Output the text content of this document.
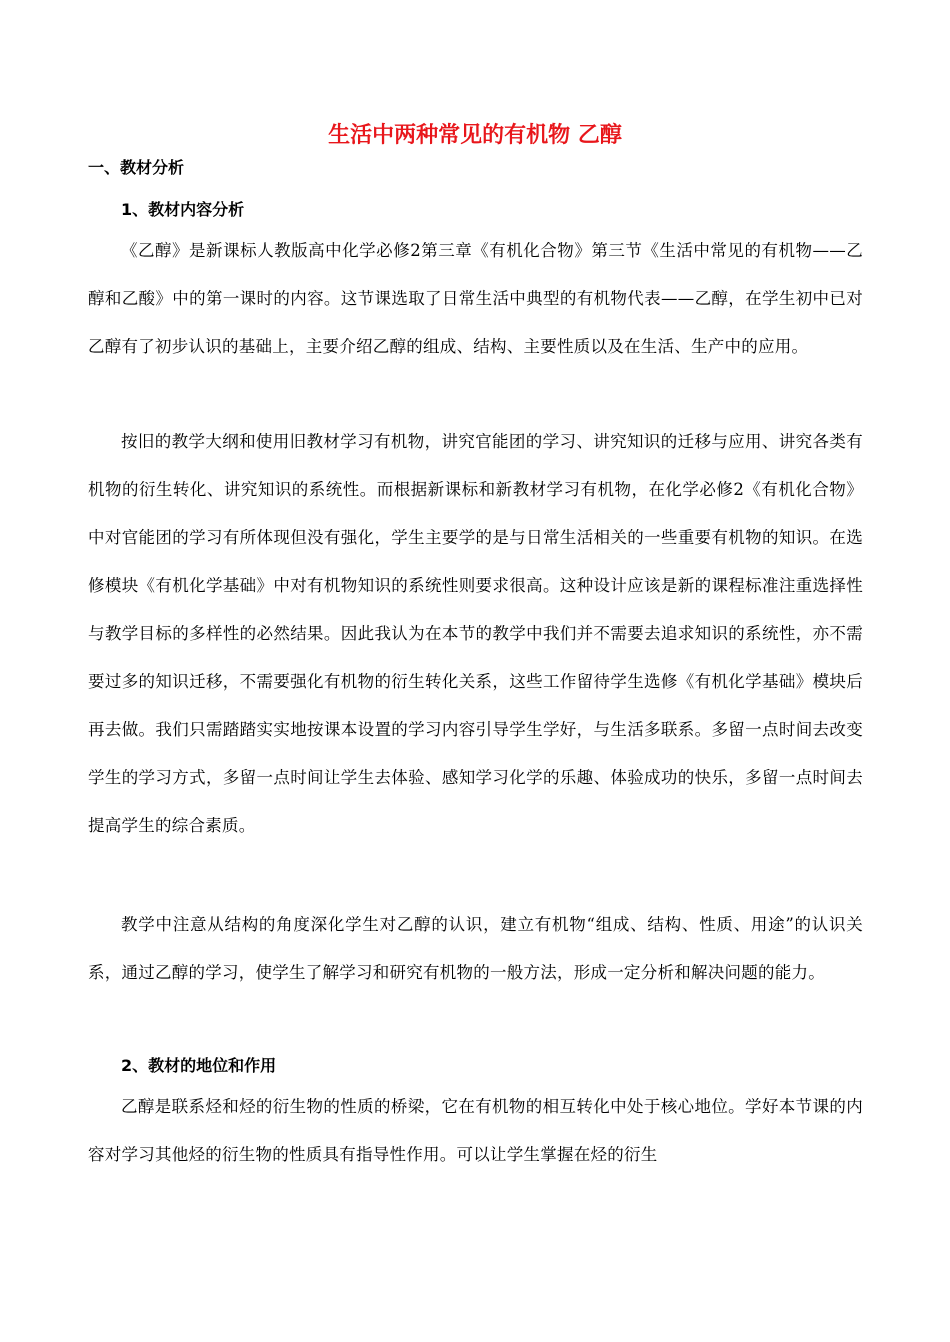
生活中两种常见的有机物 乙醇
一、教材分析
1、教材内容分析

《乙醇》是新课标人教版高中化学必修2第三章《有机化合物》第三节《生活中常见的有机物——乙醇和乙酸》中的第一课时的内容。这节课选取了日常生活中典型的有机物代表——乙醇，在学生初中已对乙醇有了初步认识的基础上，主要介绍乙醇的组成、结构、主要性质以及在生活、生产中的应用。

按旧的教学大纲和使用旧教材学习有机物，讲究官能团的学习、讲究知识的迁移与应用、讲究各类有机物的衍生转化、讲究知识的系统性。而根据新课标和新教材学习有机物，在化学必修2《有机化合物》中对官能团的学习有所体现但没有强化，学生主要学的是与日常生活相关的一些重要有机物的知识。在选修模块《有机化学基础》中对有机物知识的系统性则要求很高。这种设计应该是新的课程标准注重选择性与教学目标的多样性的必然结果。因此我认为在本节的教学中我们并不需要去追求知识的系统性，亦不需要过多的知识迁移，不需要强化有机物的衍生转化关系，这些工作留待学生选修《有机化学基础》模块后再去做。我们只需踏踏实实地按课本设置的学习内容引导学生学好，与生活多联系。多留一点时间去改变学生的学习方式，多留一点时间让学生去体验、感知学习化学的乐趣、体验成功的快乐，多留一点时间去提高学生的综合素质。

教学中注意从结构的角度深化学生对乙醇的认识，建立有机物“组成、结构、性质、用途”的认识关系，通过乙醇的学习，使学生了解学习和研究有机物的一般方法，形成一定分析和解决问题的能力。

2、教材的地位和作用

乙醇是联系烃和烃的衍生物的性质的桥梁，它在有机物的相互转化中处于核心地位。学好本节课的内容对学习其他烃的衍生物的性质具有指导性作用。可以让学生掌握在烃的衍生
